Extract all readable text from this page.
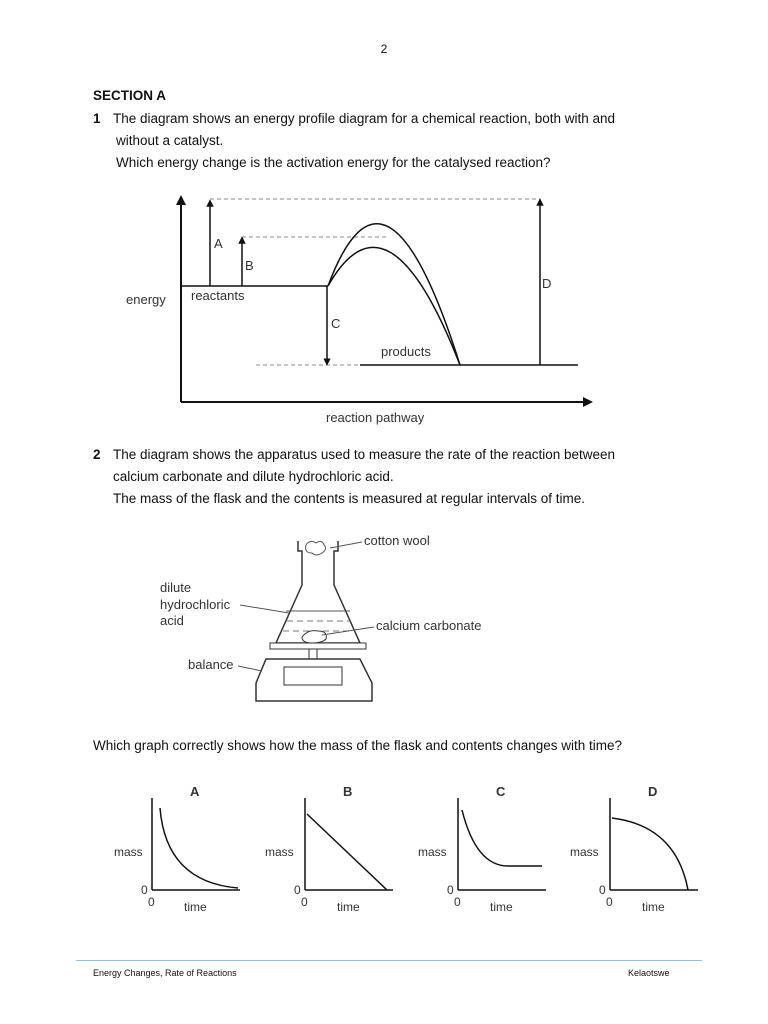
2
SECTION A
1 The diagram shows an energy profile diagram for a chemical reaction, both with and
without a catalyst.
Which energy change is the activation energy for the catalysed reaction?
A
B
C
D
energy reactants
products
reaction pathway
2 The diagram shows the apparatus used to measure the rate of the reaction between
calcium carbonate and dilute hydrochloric acid.
The mass of the flask and the contents is measured at regular intervals of time.
cotton wool
dilute
hydrochloric
acid	calcium carbonate
balance
Which graph correctly shows how the mass of the flask and contents changes with time?
A
mass
0
0 time
B
mass
0
0 time
C
mass
0
0 time
D
mass
0
0 time
Energy Changes, Rate of Reactions	Kelaotswe
